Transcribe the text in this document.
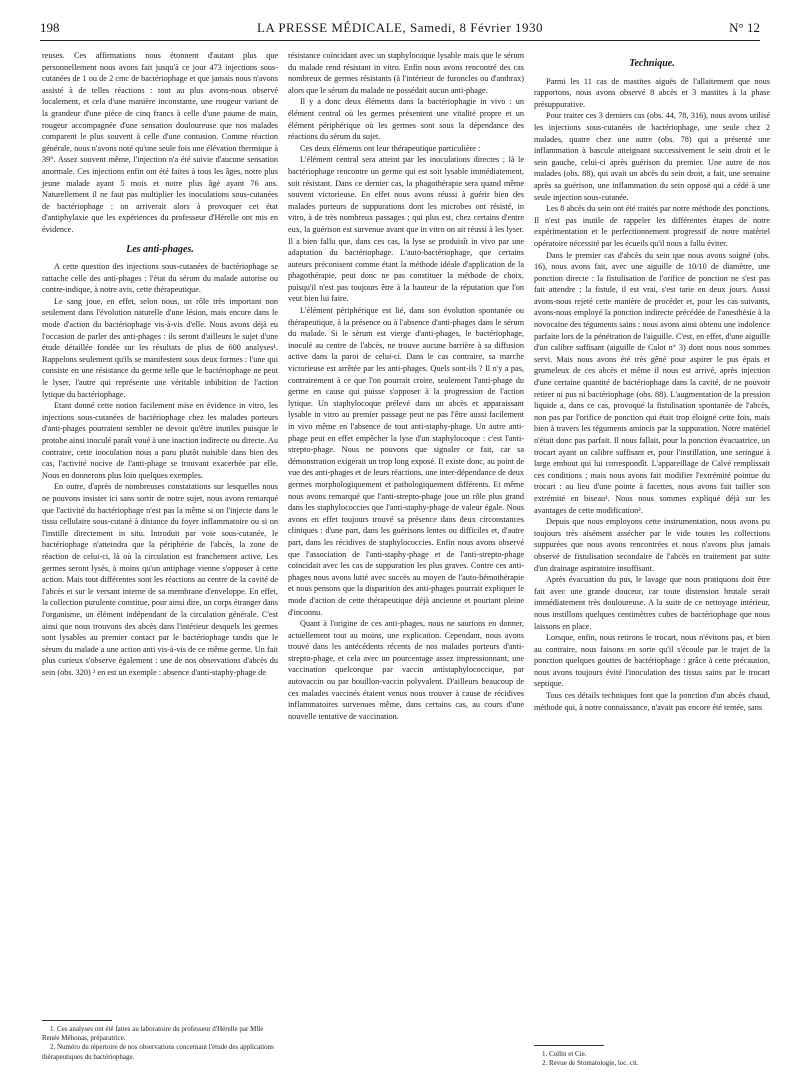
198	LA PRESSE MÉDICALE, Samedi, 8 Février 1930	N° 12

reuses. Ces affirmations nous étonnent d'autant plus que personnellement nous avons fait jusqu'à ce jour 473 injections sous-cutanées de 1 ou de 2 cmc de bactériophage et que jamais nous n'avons assisté à de telles réactions : tout au plus avons-nous observé localement, et cela d'une manière inconstante, une rougeur variant de la grandeur d'une pièce de cinq francs à celle d'une paume de main, rougeur accompagnée d'une sensation douloureuse que nos malades comparent le plus souvent à celle d'une contusion. Comme réaction générale, nous n'avons noté qu'une seule fois une élévation thermique à 39°. Assez souvent même, l'injection n'a été suivie d'aucune sensation anormale. Ces injections enfin ont été faites à tous les âges, notre plus jeune malade ayant 5 mois et notre plus âgé ayant 76 ans. Naturellement il ne faut pas multiplier les inoculations sous-cutanées de bactériophage : on arriverait alors à provoquer cet état d'antiphylaxie que les expériences du professeur d'Hérelle ont mis en évidence.

Les anti-phages.

A cette question des injections sous-cutanées de bactériophage se rattache celle des anti-phages : l'état du sérum du malade autorise ou contre-indique, à notre avis, cette thérapeutique.

Le sang joue, en effet, selon nous, un rôle très important non seulement dans l'évolution naturelle d'une lésion, mais encore dans le mode d'action du bactériophage vis-à-vis d'elle. Nous avons déjà eu l'occasion de parler des anti-phages : ils seront d'ailleurs le sujet d'une étude détaillée fondée sur les résultats de plus de 600 analyses¹. Rappelons seulement qu'ils se manifestent sous deux formes : l'une qui consiste en une résistance du germe telle que le bactériophage ne peut le lyser, l'autre qui représente une véritable inhibition de l'action lytique du bactériophage.

Etant donné cette notion facilement mise en évidence in vitro, les injections sous-cutanées de bactériophage chez les malades porteurs d'anti-phages pourraient sembler ne devoir qu'être inutiles puisque le protobe ainsi inoculé paraît voué à une inaction indirecte ou directe. Au contraire, cette inoculation nous a paru plutôt nuisible dans bien des cas, l'activité nocive de l'anti-phage se trouvant exacerbée par elle. Nous en donnerons plus loin quelques exemples.

En outre, d'après de nombreuses constatations sur lesquelles nous ne pouvons insister ici sans sortir de notre sujet, nous avons remarqué que l'activité du bactériophage n'est pas la même si on l'injecte dans le tissu cellulaire sous-cutané à distance du foyer inflammatoire ou si on l'instille directement in situ. Introduit par voie sous-cutanée, le bactériophage n'atteindra que la périphérie de l'abcès, la zone de réaction de celui-ci, là où la circulation est franchement active. Les germes seront lysés, à moins qu'un antiphage vienne s'opposer à cette action. Mais tout différentes sont les réactions au centre de la cavité de l'abcès et sur le versant interne de sa membrane d'enveloppe. En effet, la collection purulente constitue, pour ainsi dire, un corps étranger dans l'organisme, un élément indépendant de la circulation générale. C'est ainsi que nous trouvons des abcès dans l'intérieur desquels les germes sont lysables au premier contact par le bactériophage tandis que le sérum du malade a une action anti vis-à-vis de ce même germe. Un fait plus curieux s'observe également : une de nos observations d'abcès du sein (obs. 320) ² en est un exemple : absence d'anti-staphy-phage de

résistance coïncidant avec un staphylocoque lysable mais que le sérum du malade rend résistant in vitro. Enfin nous avons rencontré des cas nombreux de germes résistants (à l'intérieur de furoncles ou d'anthrax) alors que le sérum du malade ne possédait aucun anti-phage.

Il y a donc deux éléments dans la bactériophagie in vivo : un élément central où les germes présentent une vitalité propre et un élément périphérique où les germes sont sous la dépendance des réactions du sérum du sujet.

Ces deux éléments ont leur thérapeutique particulière :

L'élément central sera atteint par les inoculations directes ; là le bactériophage rencontre un germe qui est soit lysable immédiatement, soit résistant. Dans ce dernier cas, la phagothérapie sera quand même souvent victorieuse. En effet nous avons réussi à guérir bien des malades porteurs de suppurations dont les microbes ont résisté, in vitro, à de très nombreux passages ; qui plus est, chez certains d'entre eux, la guérison est survenue avant que in vitro on ait réussi à les lyser. Il a bien fallu que, dans ces cas, la lyse se produisît in vivo par une adaptation du bactériophage. L'auto-bactériophage, que certains auteurs préconisent comme étant la méthode idéale d'application de la phagothérapie, peut donc ne pas constituer la méthode de choix, puisqu'il n'est pas toujours être à la hauteur de la réputation que l'on veut bien lui faire.

L'élément périphérique est lié, dans son évolution spontanée ou thérapeutique, à la présence ou à l'absence d'anti-phages dans le sérum du malade. Si le sérum est vierge d'anti-phages, le bactériophage, inoculé au centre de l'abcès, ne trouve aucune barrière à sa diffusion active dans la paroi de celui-ci. Dans le cas contraire, sa marche victorieuse est arrêtée par les anti-phages. Quels sont-ils ? Il n'y a pas, contrairement à ce que l'on pourrait croire, seulement l'anti-phage du germe en cause qui puisse s'opposer à la progression de l'action lytique. Un staphylocoque prélevé dans un abcès et apparaissant lysable in vitro au premier passage peut ne pas l'être aussi facilement in vivo même en l'absence de tout anti-staphy-phage. Un autre anti-phage peut en effet empêcher la lyse d'un staphylocoque : c'est l'anti-strepto-phage. Nous ne pouvons que signaler ce fait, car sa démonstration exigerait un trop long exposé. Il existe donc, au point de vue des anti-phages et de leurs réactions, une inter-dépendance de deux germes morphologiquement et pathologiquement différents. Et même nous avons remarqué que l'anti-strepto-phage joue un rôle plus grand dans les staphylococcies que l'anti-staphy-phage de valeur égale. Nous avons en effet toujours trouvé sa présence dans deux circonstances cliniques : d'une part, dans les guérisons lentes ou difficiles et, d'autre part, dans les récidives de staphylococcies. Enfin nous avons observé que l'association de l'anti-staphy-phage et de l'anti-strepto-phage coïncidait avec les cas de suppuration les plus graves. Contre ces anti-phages nous avons lutté avec succès au moyen de l'auto-hémothérapie et nous pensons que la disparition des anti-phages pourrait expliquer le mode d'action de cette thérapeutique déjà ancienne et pourtant pleine d'inconnu.

Quant à l'origine de ces anti-phages, nous ne saurions en donner, actuellement tout au moins, une explication. Cependant, nous avons trouvé dans les antécédents récents de nos malades porteurs d'anti-strepto-phage, et cela avec un pourcentage assez impressionnant, une vaccination quelconque par vaccin antistaphylococcique, par autovaccin ou par bouillon-vaccin polyvalent. D'ailleurs beaucoup de ces malades vaccinés étaient venus nous trouver à cause de récidives inflammatoires survenues même, dans certains cas, au cours d'une nouvelle tentative de vaccination.

Technique.

Parmi les 11 cas de mastites aiguës de l'allaitement que nous rapportons, nous avons observé 8 abcès et 3 mastites à la phase présuppurative.

Pour traiter ces 3 derniers cas (obs. 44, 78, 316), nous avons utilisé les injections sous-cutanées de bactériophage, une seule chez 2 malades, quatre chez une autre (obs. 78) qui a présenté une inflammation à bascule atteignant successivement le sein droit et le sein gauche, celui-ci après guérison du premier. Une autre de nos malades (obs. 88), qui avait un abcès du sein droit, a fait, une semaine après sa guérison, une inflammation du sein opposé qui a cédé à une seule injection sous-cutanée.

Les 8 abcès du sein ont été traités par notre méthode des ponctions. Il n'est pas inutile de rappeler les différentes étapes de notre expérimentation et le perfectionnement progressif de notre matériel opératoire nécessité par les écueils qu'il nous a fallu éviter.

Dans le premier cas d'abcès du sein que nous avons soigné (obs. 16), nous avons fait, avec une aiguille de 10/10 de diamètre, une ponction directe : la fistulisation de l'orifice de ponction ne s'est pas fait attendre ; la fistule, il est vrai, s'est tarie en deux jours. Aussi avons-nous rejeté cette manière de procéder et, pour les cas suivants, avons-nous employé la ponction indirecte précédée de l'anesthésie à la novocaïne des téguments sains : nous avons ainsi obtenu une indolence parfaite lors de la pénétration de l'aiguille. C'est, en effet, d'une aiguille d'un calibre suffisant (aiguille de Calot n° 3) dont nous nous sommes servi. Mais nous avons été très gêné pour aspirer le pus épais et grumeleux de ces abcès et même il nous est arrivé, après injection d'une certaine quantité de bactériophage dans la cavité, de ne pouvoir retirer ni pus ni bactériophage (obs. 88). L'augmentation de la pression liquide a, dans ce cas, provoqué la fistulisation spontanée de l'abcès, non pas par l'orifice de ponction qui était trop éloigné cette fois, mais bien à travers les téguments amincis par la suppuration. Notre matériel n'était donc pas parfait. Il nous fallait, pour la ponction évacuatrice, un trocart ayant un calibre suffisant et, pour l'instillation, une seringue à large embout qui lui correspondît. L'appareillage de Calvé remplissait ces conditions ; mais nous avons fait modifier l'extrémité pointue du trocart : au lieu d'une pointe à facettes, nous avons fait tailler son extrémité en biseau¹. Nous nous sommes expliqué déjà sur les avantages de cette modification².

Depuis que nous employons cette instrumentation, nous avons pu toujours très aisément assécher par le vide toutes les collections suppurées que nous avons rencontrées et nous n'avons plus jamais observé de fistulisation secondaire de l'abcès en traitement par suite d'un drainage aspiratoire insuffisant.

Après évacuation du pus, le lavage que nous pratiquons doit être fait avec une grande douceur, car toute distension brutale serait immédiatement très douloureuse. A la suite de ce nettoyage intérieur, nous instillons quelques centimètres cubes de bactériophage que nous laissons en place.

Lorsque, enfin, nous retirons le trocart, nous n'évitons pas, et bien au contraire, nous faisons en sorte qu'il s'écoule par le trajet de la ponction quelques gouttes de bactériophage : grâce à cette précaution, nous avons toujours évité l'inoculation des tissus sains par le trocart septique.

Tous ces détails techniques font que la ponction d'un abcès chaud, méthode qui, à notre connaissance, n'avait pas encore été tentée, sans

1. Ces analyses ont été faites au laboratoire du professeur d'Hérelle par Mlle Renée Méhonas, préparatrice.

2. Numéro du répertoire de nos observations concernant l'étude des applications thérapeutiques du bactériophage.	1. Collin et Cie.

2. Revue de Stomatologie, loc. cit.
